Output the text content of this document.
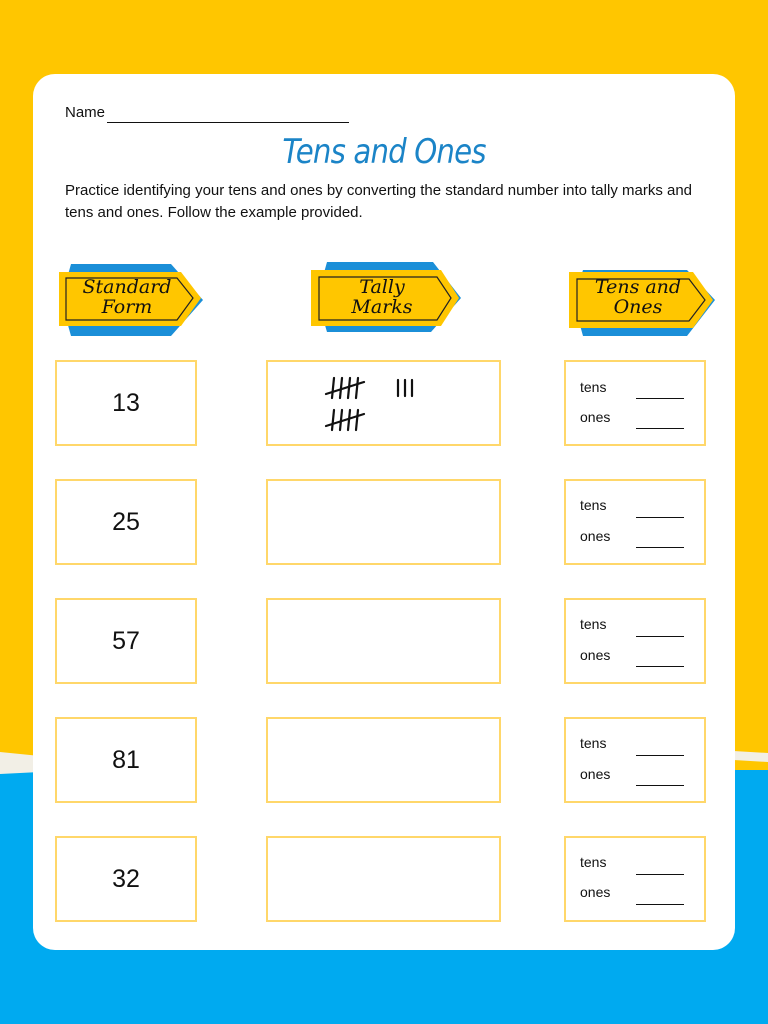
Name
Tens and Ones

Practice identifying your tens and ones by converting the standard number into tally marks and tens and ones. Follow the example provided.

Standard
Form
Tally
Marks
Tens and
Ones
13
tens
ones
25
tens
ones
57
tens
ones
81
tens
ones
32
tens
ones
